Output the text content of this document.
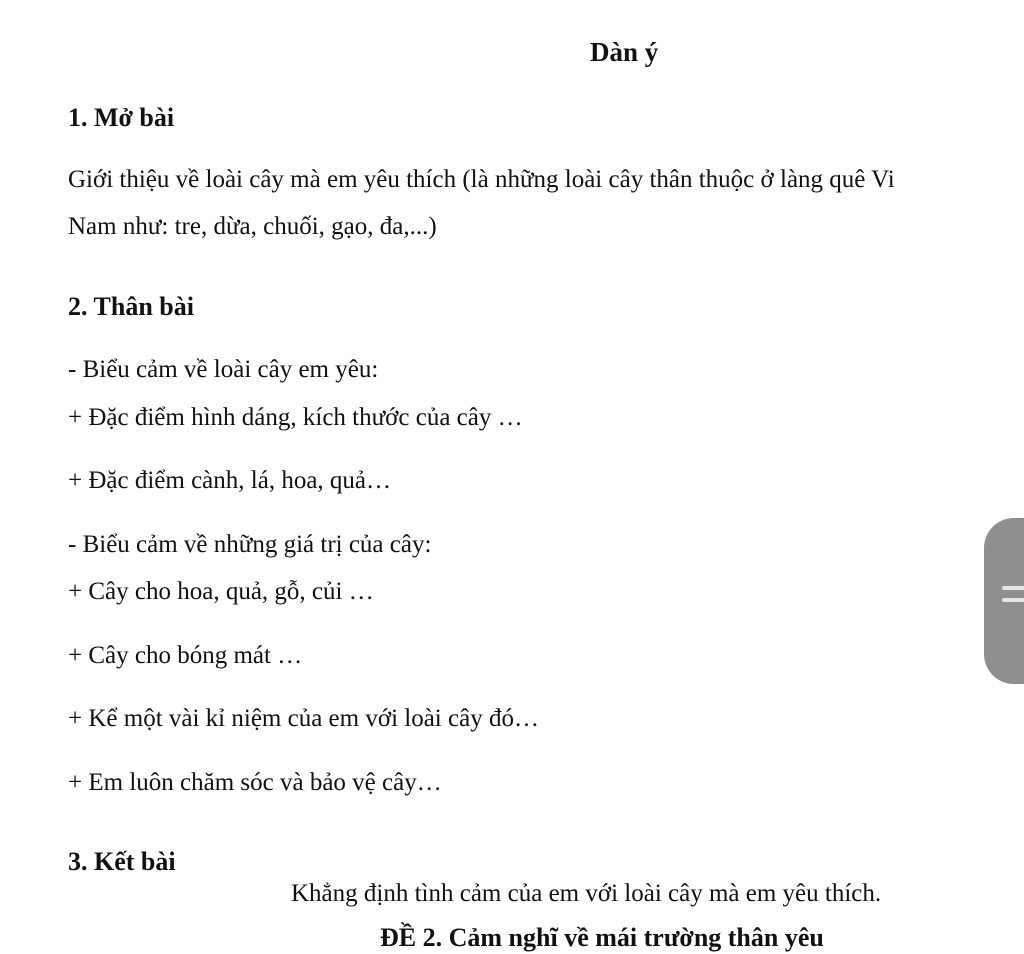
Dàn ý
1. Mở bài
Giới thiệu về loài cây mà em yêu thích (là những loài cây thân thuộc ở làng quê Vi
Nam như: tre, dừa, chuối, gạo, đa,...)
2. Thân bài
- Biểu cảm về loài cây em yêu:
+ Đặc điểm hình dáng, kích thước của cây …
+ Đặc điểm cành, lá, hoa, quả…
- Biểu cảm về những giá trị của cây:
+ Cây cho hoa, quả, gỗ, củi …
+ Cây cho bóng mát …
+ Kể một vài kỉ niệm của em với loài cây đó…
+ Em luôn chăm sóc và bảo vệ cây…
3. Kết bài
Khẳng định tình cảm của em với loài cây mà em yêu thích.
ĐỀ 2. Cảm nghĩ về mái trường thân yêu
